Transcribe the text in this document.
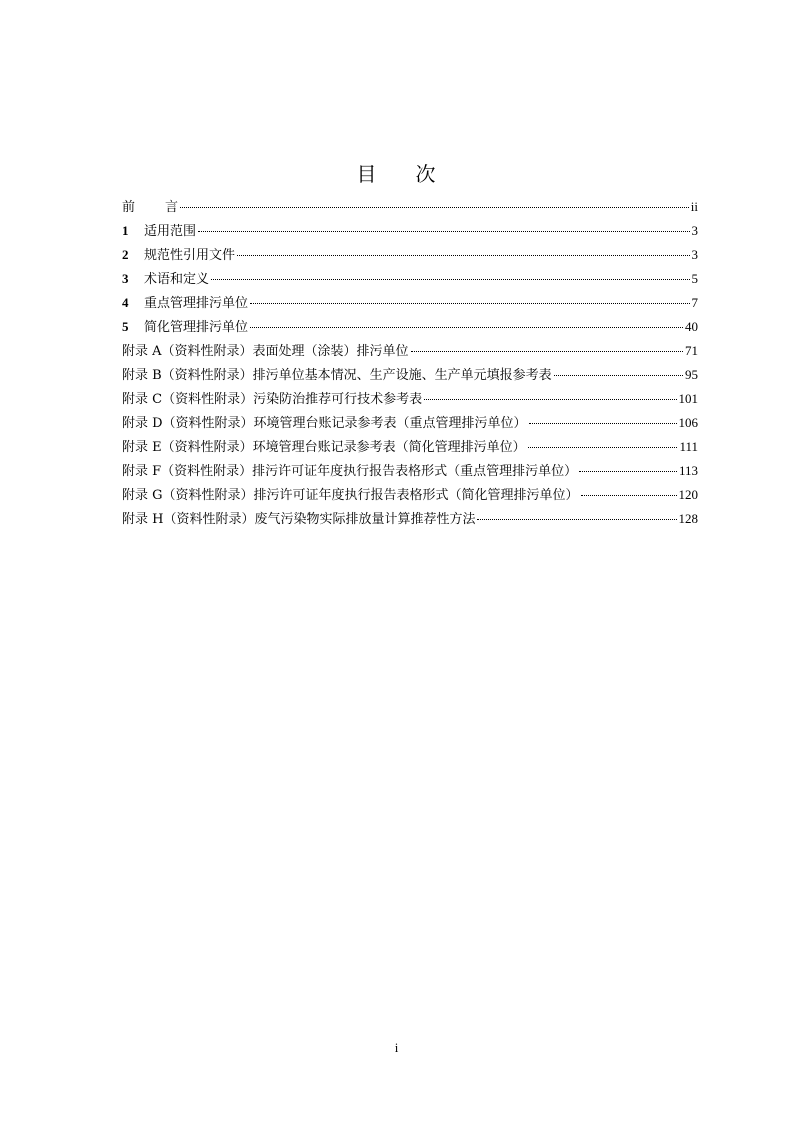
目 次
前 言	ii
1	适用范围	3
2	规范性引用文件	3
3	术语和定义	5
4	重点管理排污单位	7
5	简化管理排污单位	40
附录 A（资料性附录）表面处理（涂装）排污单位	71
附录 B（资料性附录）排污单位基本情况、生产设施、生产单元填报参考表	95
附录 C（资料性附录）污染防治推荐可行技术参考表	101
附录 D（资料性附录）环境管理台账记录参考表（重点管理排污单位）	106
附录 E（资料性附录）环境管理台账记录参考表（简化管理排污单位）	111
附录 F（资料性附录）排污许可证年度执行报告表格形式（重点管理排污单位）	113
附录 G（资料性附录）排污许可证年度执行报告表格形式（简化管理排污单位）	120
附录 H（资料性附录）废气污染物实际排放量计算推荐性方法	128
i
